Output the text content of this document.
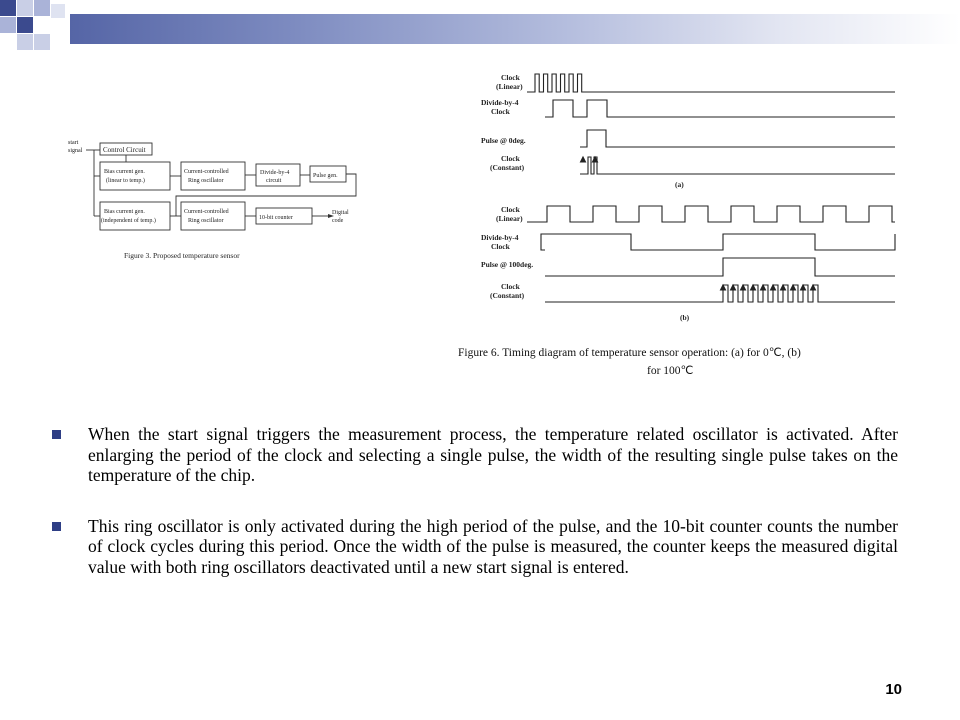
start
signal	Control Circuit
Bias current gen.
(linear to temp.)
Current-controlled
Ring oscillator
Divide-by-4
circuit
Pulse gen.
Bias current gen.
(independent of temp.)
Current-controlled
Ring oscillator	10-bit counter
Digital
code
Figure 3. Proposed temperature sensor
Clock
(Linear)
Divide-by-4
Clock
Pulse @ 0deg.
Clock
(Constant)
(a)
Clock
(Linear)
Divide-by-4
Clock
Pulse @ 100deg.
Clock
(Constant)
(b)
Figure 6. Timing diagram of temperature sensor operation: (a) for 0℃, (b)
for 100℃
When the start signal triggers the measurement process, the temperature related oscillator is activated. After enlarging the period of the clock and selecting a single pulse, the width of the resulting single pulse takes on the temperature of the chip.
This ring oscillator is only activated during the high period of the pulse, and the 10-bit counter counts the number of clock cycles during this period. Once the width of the pulse is measured, the counter keeps the measured digital value with both ring oscillators deactivated until a new start signal is entered.
10
